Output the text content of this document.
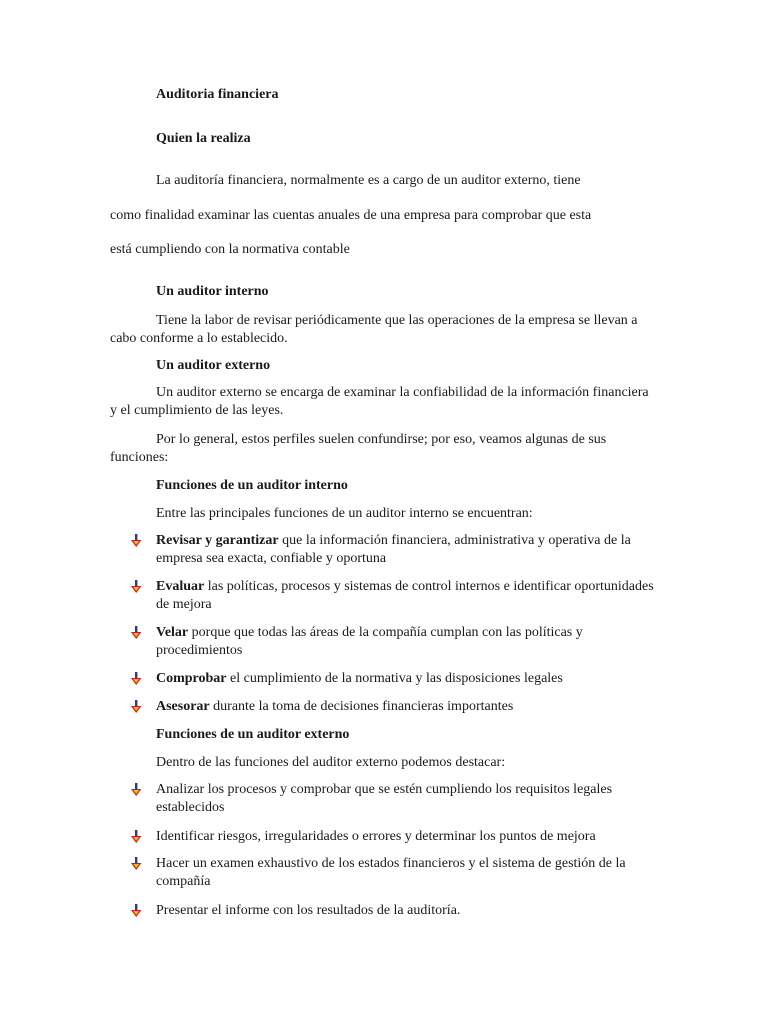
Auditoria financiera

Quien la realiza

La auditoría financiera, normalmente es a cargo de un auditor externo, tiene

como finalidad examinar las cuentas anuales de una empresa para comprobar que esta

está cumpliendo con la normativa contable

Un auditor interno

Tiene la labor de revisar periódicamente que las operaciones de la empresa se llevan a cabo conforme a lo establecido.

Un auditor externo

Un auditor externo se encarga de examinar la confiabilidad de la información financiera y el cumplimiento de las leyes.

Por lo general, estos perfiles suelen confundirse; por eso, veamos algunas de sus funciones:

Funciones de un auditor interno

Entre las principales funciones de un auditor interno se encuentran:

Revisar y garantizar que la información financiera, administrativa y operativa de la empresa sea exacta, confiable y oportuna
Evaluar las políticas, procesos y sistemas de control internos e identificar oportunidades de mejora
Velar porque que todas las áreas de la compañía cumplan con las políticas y procedimientos
Comprobar el cumplimiento de la normativa y las disposiciones legales
Asesorar durante la toma de decisiones financieras importantes

Funciones de un auditor externo

Dentro de las funciones del auditor externo podemos destacar:

Analizar los procesos y comprobar que se estén cumpliendo los requisitos legales establecidos
Identificar riesgos, irregularidades o errores y determinar los puntos de mejora
Hacer un examen exhaustivo de los estados financieros y el sistema de gestión de la compañía
Presentar el informe con los resultados de la auditoría.
